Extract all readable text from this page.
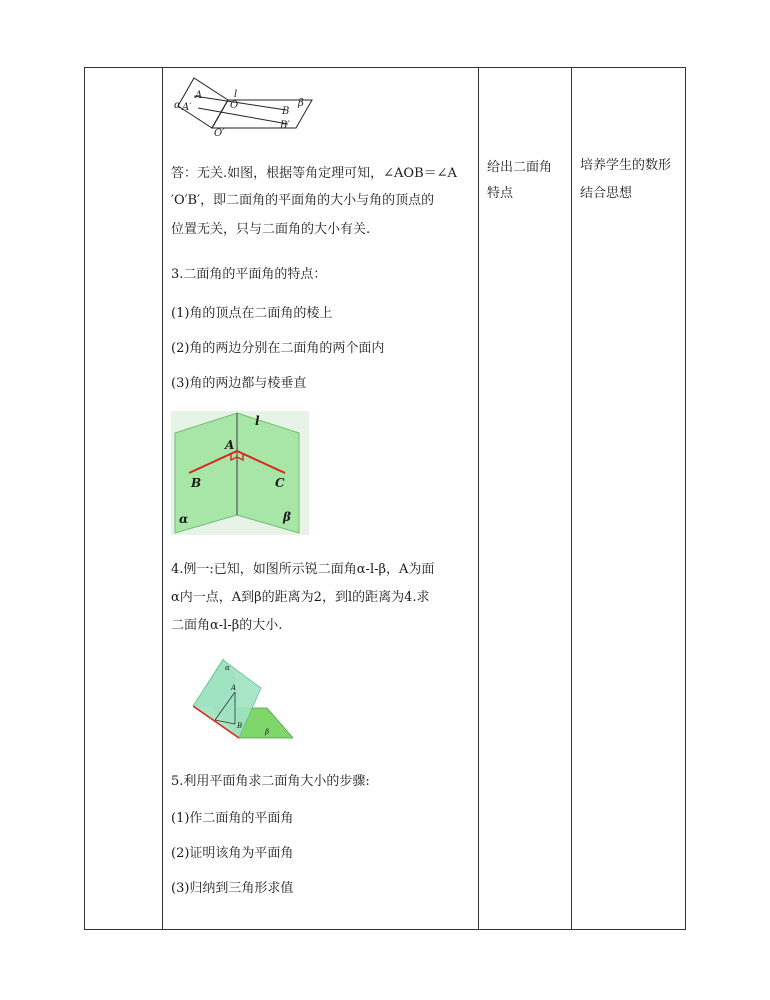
α
A
A′
l
O
B
β
O′
B′
答：无关.如图，根据等角定理可知，∠AOB＝∠A
′O′B′，即二面角的平面角的大小与角的顶点的
位置无关，只与二面角的大小有关.
3.二面角的平面角的特点：
(1)角的顶点在二面角的棱上
(2)角的两边分别在二面角的两个面内
(3)角的两边都与棱垂直
A
l
B	C
α	β
4.例一:已知，如图所示锐二面角α-l-β，A为面
α内一点，A到β的距离为2，到l的距离为4.求
二面角α-l-β的大小.
α
A
B
β
5.利用平面角求二面角大小的步骤:
(1)作二面角的平面角
(2)证明该角为平面角
(3)归纳到三角形求值
给出二面角
特点
培养学生的数形
结合思想
